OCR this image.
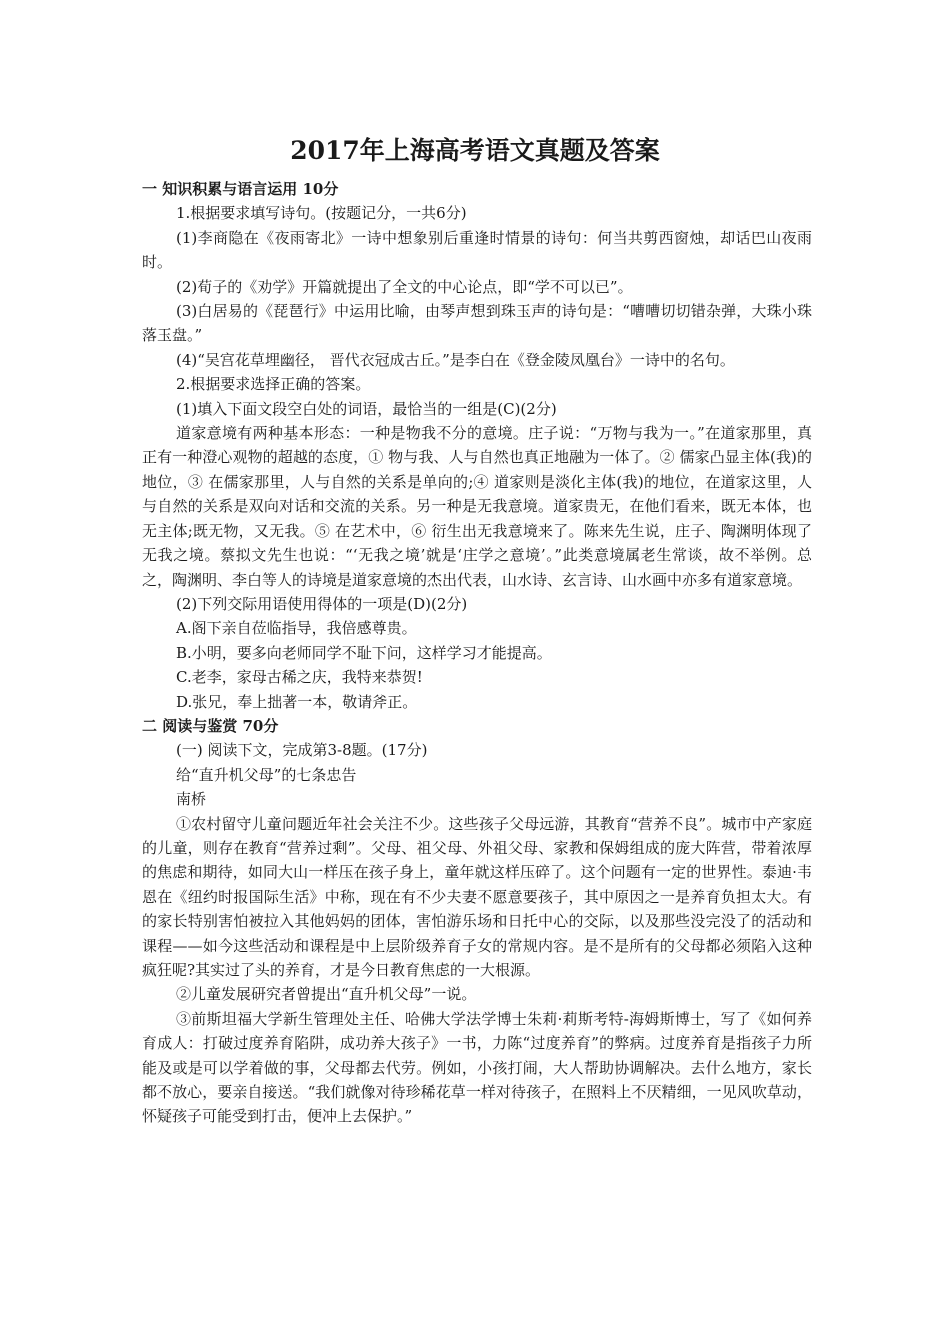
2017年上海高考语文真题及答案

一 知识积累与语言运用 10分

1.根据要求填写诗句。(按题记分，一共6分)

(1)李商隐在《夜雨寄北》一诗中想象别后重逢时情景的诗句：何当共剪西窗烛，却话巴山夜雨时。

(2)荀子的《劝学》开篇就提出了全文的中心论点，即“学不可以已”。

(3)白居易的《琵琶行》中运用比喻，由琴声想到珠玉声的诗句是：“嘈嘈切切错杂弹，大珠小珠落玉盘。”

(4)“吴宫花草埋幽径， 晋代衣冠成古丘。”是李白在《登金陵凤凰台》一诗中的名句。

2.根据要求选择正确的答案。

(1)填入下面文段空白处的词语，最恰当的一组是(C)(2分)

道家意境有两种基本形态：一种是物我不分的意境。庄子说：“万物与我为一。”在道家那里，真正有一种澄心观物的超越的态度，① 物与我、人与自然也真正地融为一体了。② 儒家凸显主体(我)的地位，③ 在儒家那里，人与自然的关系是单向的;④ 道家则是淡化主体(我)的地位，在道家这里，人与自然的关系是双向对话和交流的关系。另一种是无我意境。道家贵无，在他们看来，既无本体，也无主体;既无物，又无我。⑤ 在艺术中，⑥ 衍生出无我意境来了。陈来先生说，庄子、陶渊明体现了无我之境。蔡拟文先生也说：“‘无我之境’就是‘庄学之意境’。”此类意境属老生常谈，故不举例。总之，陶渊明、李白等人的诗境是道家意境的杰出代表，山水诗、玄言诗、山水画中亦多有道家意境。

(2)下列交际用语使用得体的一项是(D)(2分)

A.阁下亲自莅临指导，我倍感尊贵。

B.小明，要多向老师同学不耻下问，这样学习才能提高。

C.老李，家母古稀之庆，我特来恭贺!

D.张兄，奉上拙著一本，敬请斧正。

二 阅读与鉴赏 70分

(一) 阅读下文，完成第3-8题。(17分)

给“直升机父母”的七条忠告

南桥

①农村留守儿童问题近年社会关注不少。这些孩子父母远游，其教育“营养不良”。城市中产家庭的儿童，则存在教育“营养过剩”。父母、祖父母、外祖父母、家教和保姆组成的庞大阵营，带着浓厚的焦虑和期待，如同大山一样压在孩子身上，童年就这样压碎了。这个问题有一定的世界性。泰迪·韦恩在《纽约时报国际生活》中称，现在有不少夫妻不愿意要孩子，其中原因之一是养育负担太大。有的家长特别害怕被拉入其他妈妈的团体，害怕游乐场和日托中心的交际，以及那些没完没了的活动和课程——如今这些活动和课程是中上层阶级养育子女的常规内容。是不是所有的父母都必须陷入这种疯狂呢?其实过了头的养育，才是今日教育焦虑的一大根源。

②儿童发展研究者曾提出“直升机父母”一说。

③前斯坦福大学新生管理处主任、哈佛大学法学博士朱莉·莉斯考特-海姆斯博士，写了《如何养育成人：打破过度养育陷阱，成功养大孩子》一书，力陈“过度养育”的弊病。过度养育是指孩子力所能及或是可以学着做的事，父母都去代劳。例如，小孩打闹，大人帮助协调解决。去什么地方，家长都不放心，要亲自接送。“我们就像对待珍稀花草一样对待孩子，在照料上不厌精细，一见风吹草动，怀疑孩子可能受到打击，便冲上去保护。”
